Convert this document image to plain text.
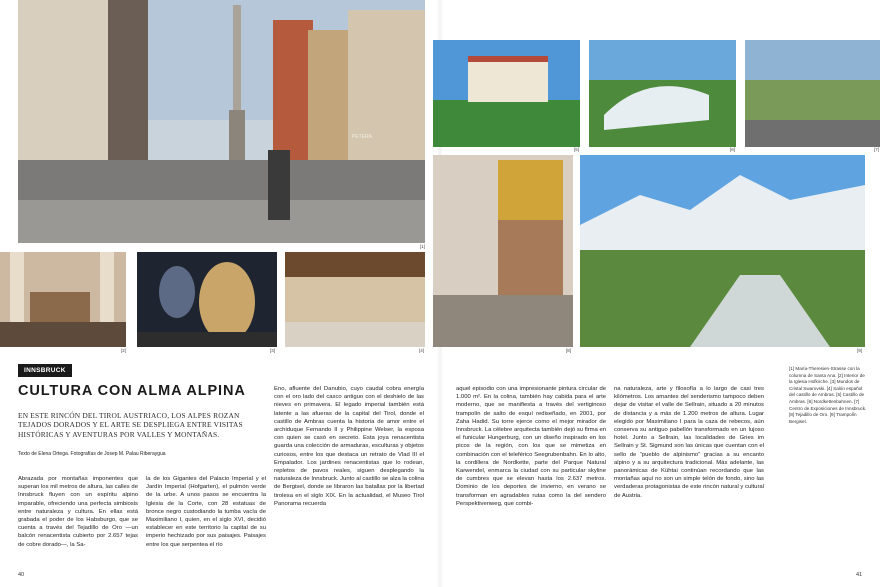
[1]
PETERA
[2]	[3]	[4]
[5]	[6]	[7]
[8]	[9]
INNSBRUCK
CULTURA CON ALMA ALPINA
EN ESTE RINCÓN DEL TIROL AUSTRIACO, LOS ALPES ROZAN TEJADOS DORADOS Y EL ARTE SE DESPLIEGA ENTRE VISITAS HISTÓRICAS Y AVENTURAS POR VALLES Y MONTAÑAS.
Texto de Elena Ortega. Fotografías de Josep M. Palau Riberaygua
Abrazada por montañas imponentes que superan los mil metros de altura, las calles de Innsbruck fluyen con un espíritu alpino imparable, ofreciendo una perfecta simbiosis entre naturaleza y cultura. En ellas está grabada el poder de los Habsburgo, que se cuenta a través del Tejadillo de Oro —un balcón renacentista cubierto por 2.657 tejas de cobre dorado—, la Sa-
la de los Gigantes del Palacio Imperial y el Jardín Imperial (Hofgarten), el pulmón verde de la urbe. A unos pasos se encuentra la Iglesia de la Corte, con 28 estatuas de bronce negro custodiando la tumba vacía de Maximiliano I, quien, en el siglo XVI, decidió establecer en este territorio la capital de su imperio hechizado por sus paisajes. Paisajes entre los que serpentea el río
Eno, afluente del Danubio, cuyo caudal cobra energía con el oro lado del casco antiguo con el deshielo de las nieves en primavera. El legado imperial también está latente a las afueras de la capital del Tirol, donde el castillo de Ambras cuenta la historia de amor entre el archiduque Fernando II y Philippine Welser, la esposa con quien se casó en secreto. Esta joya renacentista guarda una colección de armaduras, esculturas y objetos curiosos, entre los que destaca un retrato de Vlad III el Empalador. Los jardines renacentistas que lo rodean, repletos de pavos reales, siguen desplegando la naturaleza de Innsbruck. Junto al castillo se alza la colina de Bergisel, donde se libraron las batallas por la libertad tirolesa en el siglo XIX. En la actualidad, el Museo Tirol Panorama recuerda
aquel episodio con una impresionante pintura circular de 1.000 m². En la colina, también hay cabida para el arte moderno, que se manifiesta a través del vertiginoso trampolín de salto de esquí rediseñado, en 2001, por Zaha Hadid. Su torre ejerce como el mejor mirador de Innsbruck. La célebre arquitecta también dejó su firma en el funicular Hungerburg, con un diseño inspirado en los picos de la región, con los que se mimetiza en combinación con el teleférico Seegrubenbahn. En lo alto, la cordillera de Nordkette, parte del Parque Natural Karwendel, enmarca la ciudad con su particular skyline de cumbres que se elevan hasta los 2.637 metros. Dominio de los deportes de invierno, en verano se transforman en agradables rutas como la del sendero Perspektivenweg, que combi-
na naturaleza, arte y filosofía a lo largo de casi tres kilómetros. Los amantes del senderismo tampoco deben dejar de visitar el valle de Sellrain, situado a 20 minutos de distancia y a más de 1.200 metros de altura. Lugar elegido por Maximiliano I para la caza de rebecos, aún conserva su antiguo pabellón transformado en un lujoso hotel. Junto a Sellrain, las localidades de Gries im Sellrain y St. Sigmund son las únicas que cuentan con el sello de “pueblo de alpinismo” gracias a su encanto alpino y a su arquitectura tradicional. Más adelante, las panorámicas de Kühtai continúan recordando que las montañas aquí no son un simple telón de fondo, sino las verdaderas protagonistas de este rincón natural y cultural de Austria.
[1] María-Theresien-Strasse con la columna de Santa Ana. [2] Interior de la Iglesia Hofkirche. [3] Mundos de Cristal Swarovski. [4] Salón español del castillo de Ambras. [5] Castillo de Ambras. [6] Nordkettenbahnen. [7] Centro de Exposiciones de Innsbruck. [8] Tejadillo de Oro. [9] Trampolín Bergisel.
40	41
